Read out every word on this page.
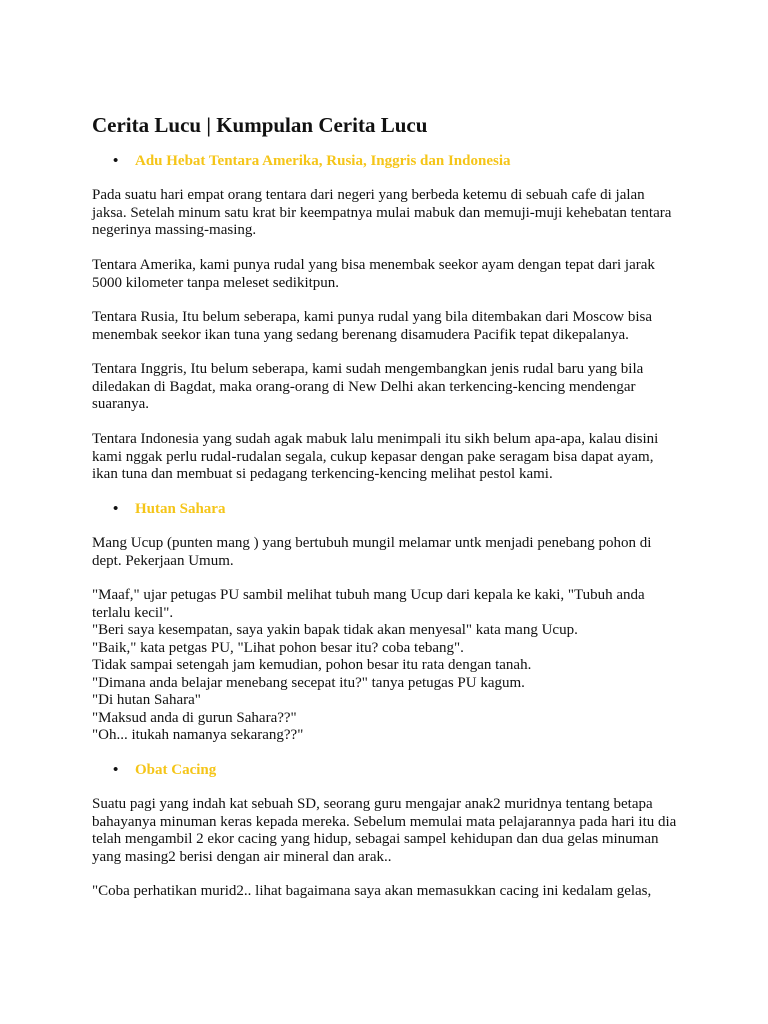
Cerita Lucu | Kumpulan Cerita Lucu
• Adu Hebat Tentara Amerika, Rusia, Inggris dan Indonesia

Pada suatu hari empat orang tentara dari negeri yang berbeda ketemu di sebuah cafe di jalan
jaksa. Setelah minum satu krat bir keempatnya mulai mabuk dan memuji-muji kehebatan tentara
negerinya massing-masing.

Tentara Amerika, kami punya rudal yang bisa menembak seekor ayam dengan tepat dari jarak
5000 kilometer tanpa meleset sedikitpun.

Tentara Rusia, Itu belum seberapa, kami punya rudal yang bila ditembakan dari Moscow bisa
menembak seekor ikan tuna yang sedang berenang disamudera Pacifik tepat dikepalanya.

Tentara Inggris, Itu belum seberapa, kami sudah mengembangkan jenis rudal baru yang bila
diledakan di Bagdat, maka orang-orang di New Delhi akan terkencing-kencing mendengar
suaranya.

Tentara Indonesia yang sudah agak mabuk lalu menimpali itu sikh belum apa-apa, kalau disini
kami nggak perlu rudal-rudalan segala, cukup kepasar dengan pake seragam bisa dapat ayam,
ikan tuna dan membuat si pedagang terkencing-kencing melihat pestol kami.

• Hutan Sahara

Mang Ucup (punten mang ) yang bertubuh mungil melamar untk menjadi penebang pohon di
dept. Pekerjaan Umum.

"Maaf," ujar petugas PU sambil melihat tubuh mang Ucup dari kepala ke kaki, "Tubuh anda
terlalu kecil".
"Beri saya kesempatan, saya yakin bapak tidak akan menyesal" kata mang Ucup.
"Baik," kata petgas PU, "Lihat pohon besar itu? coba tebang".
Tidak sampai setengah jam kemudian, pohon besar itu rata dengan tanah.
"Dimana anda belajar menebang secepat itu?" tanya petugas PU kagum.
"Di hutan Sahara"
"Maksud anda di gurun Sahara??"
"Oh... itukah namanya sekarang??"

• Obat Cacing

Suatu pagi yang indah kat sebuah SD, seorang guru mengajar anak2 muridnya tentang betapa
bahayanya minuman keras kepada mereka. Sebelum memulai mata pelajarannya pada hari itu dia
telah mengambil 2 ekor cacing yang hidup, sebagai sampel kehidupan dan dua gelas minuman
yang masing2 berisi dengan air mineral dan arak..

"Coba perhatikan murid2.. lihat bagaimana saya akan memasukkan cacing ini kedalam gelas,
